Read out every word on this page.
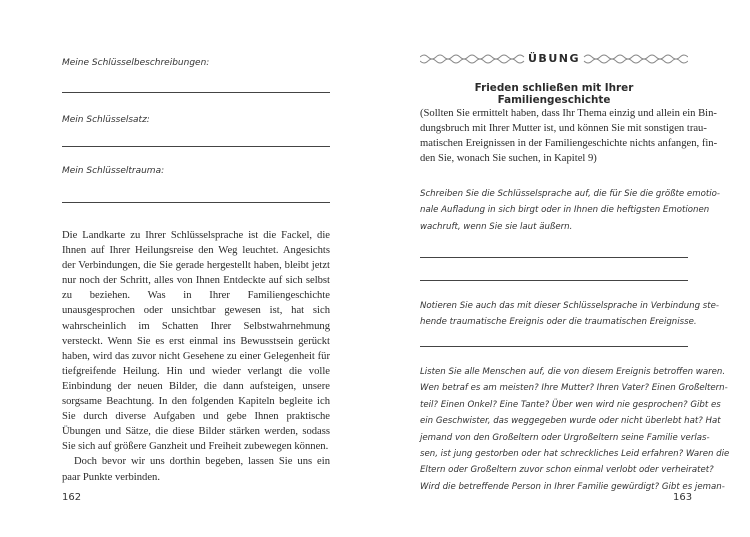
Meine Schlüsselbeschreibungen:
Mein Schlüsselsatz:
Mein Schlüsseltrauma:

Die Landkarte zu Ihrer Schlüsselsprache ist die Fackel, die Ihnen auf Ihrer Heilungsreise den Weg leuchtet. Angesichts der Verbindungen, die Sie gerade hergestellt haben, bleibt jetzt nur noch der Schritt, alles von Ihnen Entdeckte auf sich selbst zu beziehen. Was in Ihrer Familiengeschichte unausgesprochen oder unsichtbar gewesen ist, hat sich wahrscheinlich im Schatten Ihrer Selbstwahrnehmung versteckt. Wenn Sie es erst einmal ins Bewusstsein gerückt haben, wird das zuvor nicht Gesehene zu einer Gelegenheit für tiefgreifende Heilung. Hin und wieder verlangt die volle Einbindung der neuen Bilder, die dann aufsteigen, unsere sorgsame Beachtung. In den folgenden Kapiteln begleite ich Sie durch diverse Aufgaben und gebe Ihnen praktische Übungen und Sätze, die diese Bilder stärken werden, sodass Sie sich auf größere Ganzheit und Freiheit zubewegen können.

Doch bevor wir uns dorthin begeben, lassen Sie uns ein paar Punkte verbinden.

162
ÜBUNG
Frieden schließen mit Ihrer Familiengeschichte
(Sollten Sie ermittelt haben, dass Ihr Thema einzig und allein ein Bin-
dungsbruch mit Ihrer Mutter ist, und können Sie mit sonstigen trau-
matischen Ereignissen in der Familiengeschichte nichts anfangen, fin-
den Sie, wonach Sie suchen, in Kapitel 9)
Schreiben Sie die Schlüsselsprache auf, die für Sie die größte emotio-
nale Aufladung in sich birgt oder in Ihnen die heftigsten Emotionen
wachruft, wenn Sie sie laut äußern.
Notieren Sie auch das mit dieser Schlüsselsprache in Verbindung ste-
hende traumatische Ereignis oder die traumatischen Ereignisse.
Listen Sie alle Menschen auf, die von diesem Ereignis betroffen waren.
Wen betraf es am meisten? Ihre Mutter? Ihren Vater? Einen Großeltern-
teil? Einen Onkel? Eine Tante? Über wen wird nie gesprochen? Gibt es
ein Geschwister, das weggegeben wurde oder nicht überlebt hat? Hat
jemand von den Großeltern oder Urgroßeltern seine Familie verlas-
sen, ist jung gestorben oder hat schreckliches Leid erfahren? Waren die
Eltern oder Großeltern zuvor schon einmal verlobt oder verheiratet?
Wird die betreffende Person in Ihrer Familie gewürdigt? Gibt es jeman-
163
